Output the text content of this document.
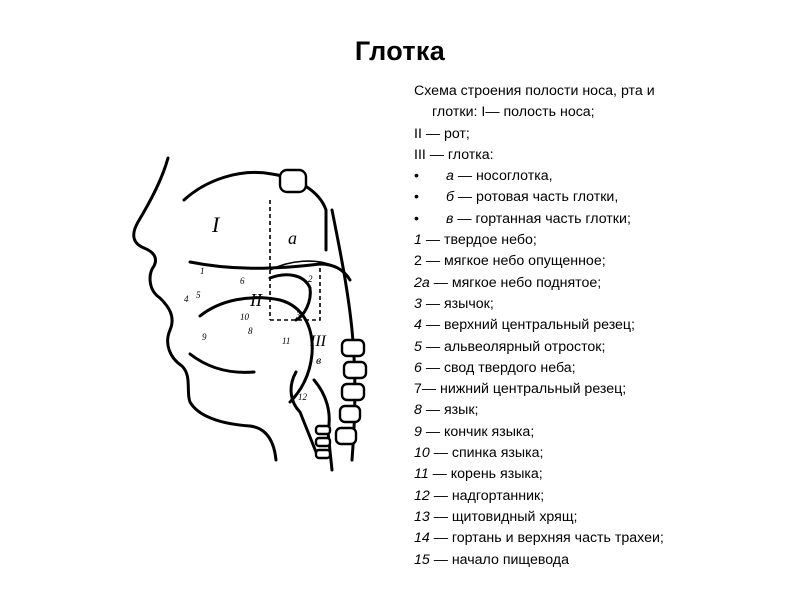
Глотка
I
II
III
a
1
2
3
4 5
6
8
9
10
11
12
в
Схема строения полости носа, рта и
глотки: I— полость носа;
II — рот;
III — глотка:
• а — носоглотка,
• б — ротовая часть глотки,
• в — гортанная часть глотки;
1 — твердое небо;
2 — мягкое небо опущенное;
2а — мягкое небо поднятое;
3 — язычок;
4 — верхний центральный резец;
5 — альвеолярный отросток;
6 — свод твердого неба;
7— нижний центральный резец;
8 — язык;
9 — кончик языка;
10 — спинка языка;
11 — корень языка;
12 — надгортанник;
13 — щитовидный хрящ;
14 — гортань и верхняя часть трахеи;
15 — начало пищевода
